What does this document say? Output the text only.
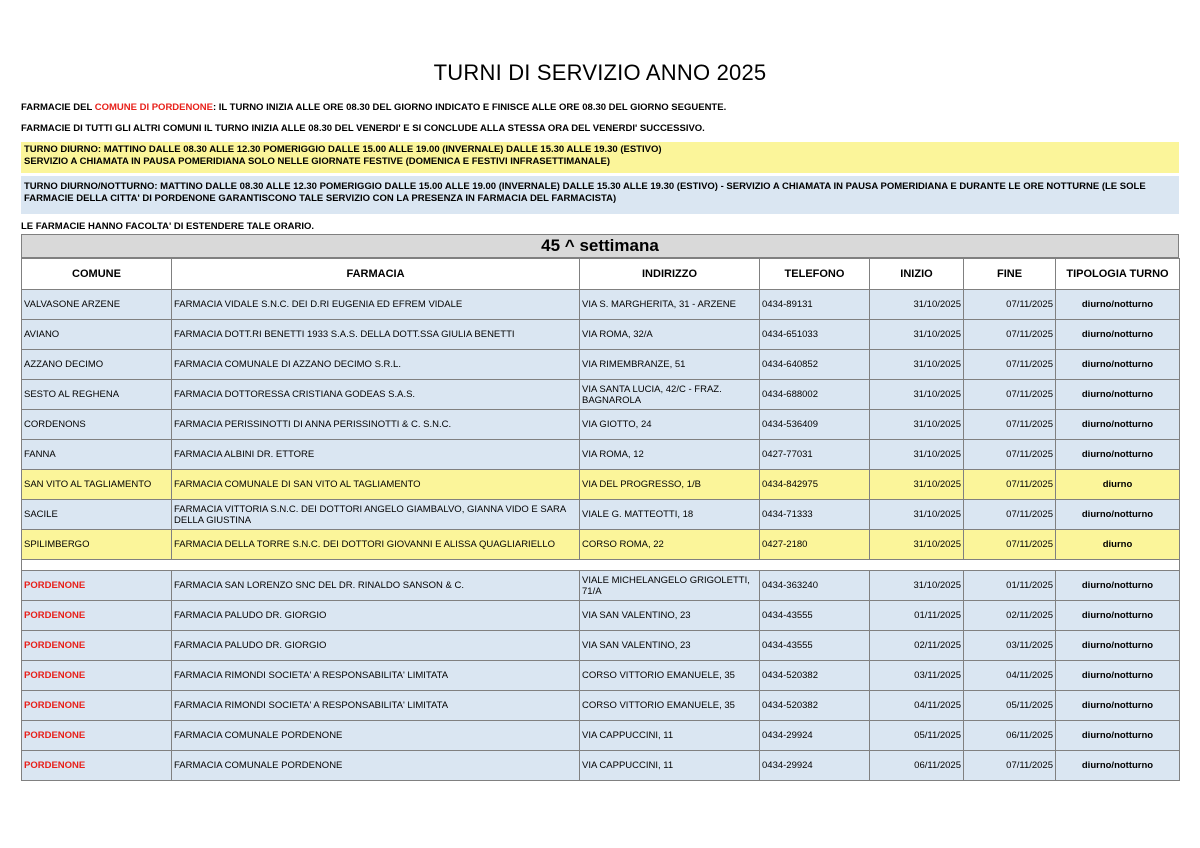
TURNI DI SERVIZIO ANNO 2025
FARMACIE DEL COMUNE DI PORDENONE: IL TURNO INIZIA ALLE ORE 08.30 DEL GIORNO INDICATO E FINISCE ALLE ORE 08.30 DEL GIORNO SEGUENTE.
FARMACIE DI TUTTI GLI ALTRI COMUNI IL TURNO INIZIA ALLE 08.30 DEL VENERDI' E SI CONCLUDE ALLA STESSA ORA DEL VENERDI' SUCCESSIVO.
TURNO DIURNO: MATTINO DALLE 08.30 ALLE 12.30 POMERIGGIO DALLE 15.00 ALLE 19.00 (INVERNALE) DALLE 15.30 ALLE 19.30 (ESTIVO)
SERVIZIO A CHIAMATA IN PAUSA POMERIDIANA SOLO NELLE GIORNATE FESTIVE (DOMENICA E FESTIVI INFRASETTIMANALE)
TURNO DIURNO/NOTTURNO: MATTINO DALLE 08.30 ALLE 12.30 POMERIGGIO DALLE 15.00 ALLE 19.00 (INVERNALE) DALLE 15.30 ALLE 19.30 (ESTIVO) - SERVIZIO A CHIAMATA IN PAUSA POMERIDIANA E DURANTE LE ORE NOTTURNE (LE SOLE FARMACIE DELLA CITTA' DI PORDENONE GARANTISCONO TALE SERVIZIO CON LA PRESENZA IN FARMACIA DEL FARMACISTA)
LE FARMACIE HANNO FACOLTA' DI ESTENDERE TALE ORARIO.
45 ^ settimana
COMUNE	FARMACIA	INDIRIZZO	TELEFONO	INIZIO	FINE	TIPOLOGIA TURNO
VALVASONE ARZENE	FARMACIA VIDALE S.N.C. DEI D.RI EUGENIA ED EFREM VIDALE	VIA S. MARGHERITA, 31 - ARZENE	0434-89131	31/10/2025	07/11/2025	diurno/notturno
AVIANO	FARMACIA DOTT.RI BENETTI 1933 S.A.S. DELLA DOTT.SSA GIULIA BENETTI	VIA ROMA, 32/A	0434-651033	31/10/2025	07/11/2025	diurno/notturno
AZZANO DECIMO	FARMACIA COMUNALE DI AZZANO DECIMO S.R.L.	VIA RIMEMBRANZE, 51	0434-640852	31/10/2025	07/11/2025	diurno/notturno
SESTO AL REGHENA	FARMACIA DOTTORESSA CRISTIANA GODEAS S.A.S.	VIA SANTA LUCIA, 42/C - FRAZ. BAGNAROLA	0434-688002	31/10/2025	07/11/2025	diurno/notturno
CORDENONS	FARMACIA PERISSINOTTI DI ANNA PERISSINOTTI & C. S.N.C.	VIA GIOTTO, 24	0434-536409	31/10/2025	07/11/2025	diurno/notturno
FANNA	FARMACIA ALBINI DR. ETTORE	VIA ROMA, 12	0427-77031	31/10/2025	07/11/2025	diurno/notturno
SAN VITO AL TAGLIAMENTO	FARMACIA COMUNALE DI SAN VITO AL TAGLIAMENTO	VIA DEL PROGRESSO, 1/B	0434-842975	31/10/2025	07/11/2025	diurno
SACILE	FARMACIA VITTORIA S.N.C. DEI DOTTORI ANGELO GIAMBALVO, GIANNA VIDO E SARA DELLA GIUSTINA	VIALE G. MATTEOTTI, 18	0434-71333	31/10/2025	07/11/2025	diurno/notturno
SPILIMBERGO	FARMACIA DELLA TORRE S.N.C. DEI DOTTORI GIOVANNI E ALISSA QUAGLIARIELLO	CORSO ROMA, 22	0427-2180	31/10/2025	07/11/2025	diurno

PORDENONE	FARMACIA SAN LORENZO SNC DEL DR. RINALDO SANSON & C.	VIALE MICHELANGELO GRIGOLETTI, 71/A	0434-363240	31/10/2025	01/11/2025	diurno/notturno
PORDENONE	FARMACIA PALUDO DR. GIORGIO	VIA SAN VALENTINO, 23	0434-43555	01/11/2025	02/11/2025	diurno/notturno
PORDENONE	FARMACIA PALUDO DR. GIORGIO	VIA SAN VALENTINO, 23	0434-43555	02/11/2025	03/11/2025	diurno/notturno
PORDENONE	FARMACIA RIMONDI SOCIETA' A RESPONSABILITA' LIMITATA	CORSO VITTORIO EMANUELE, 35	0434-520382	03/11/2025	04/11/2025	diurno/notturno
PORDENONE	FARMACIA RIMONDI SOCIETA' A RESPONSABILITA' LIMITATA	CORSO VITTORIO EMANUELE, 35	0434-520382	04/11/2025	05/11/2025	diurno/notturno
PORDENONE	FARMACIA COMUNALE PORDENONE	VIA CAPPUCCINI, 11	0434-29924	05/11/2025	06/11/2025	diurno/notturno
PORDENONE	FARMACIA COMUNALE PORDENONE	VIA CAPPUCCINI, 11	0434-29924	06/11/2025	07/11/2025	diurno/notturno
